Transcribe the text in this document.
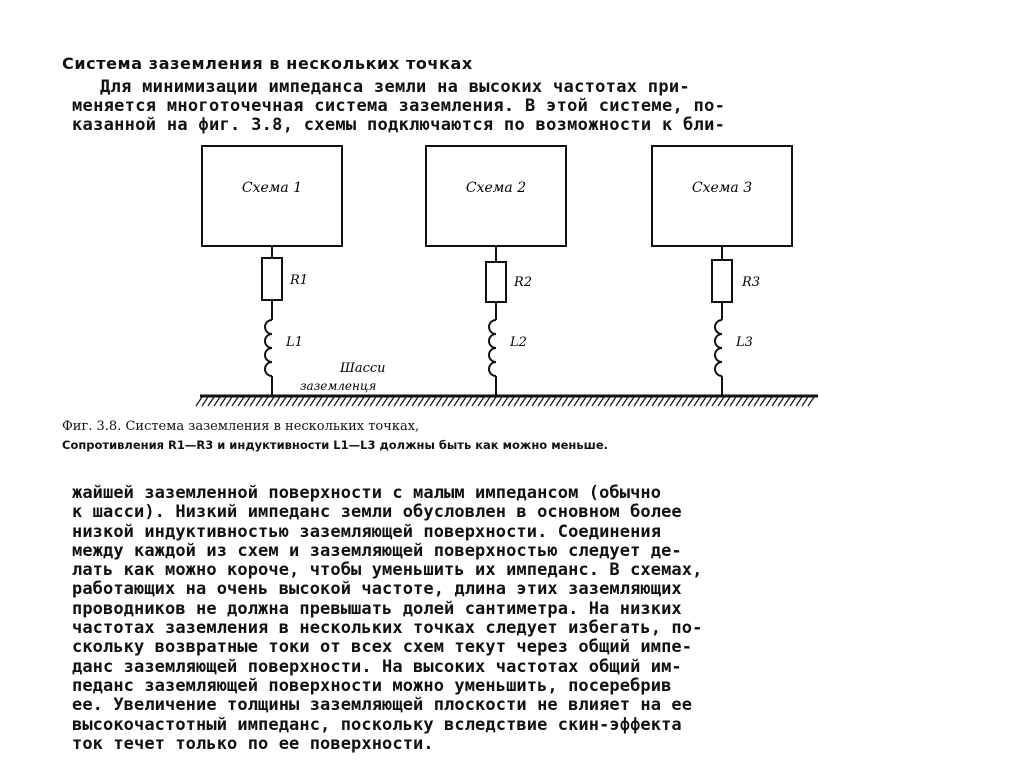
Система заземления в нескольких точках
Для минимизации импеданса земли на высоких частотах при-
меняется многоточечная система заземления. В этой системе, по-
казанной на фиг. 3.8, схемы подключаются по возможности к бли-
Схема 1
R1
L1
Схема 2
R2
L2
Схема 3
R3
L3
Шасси
заземленця
Фиг. 3.8. Система заземления в нескольких точках,
Сопротивления R1—R3 и индуктивности L1—L3 должны быть как можно меньше.
жайшей заземленной поверхности с малым импедансом (обычно
к шасси). Низкий импеданс земли обусловлен в основном более
низкой индуктивностью заземляющей поверхности. Соединения
между каждой из схем и заземляющей поверхностью следует де-
лать как можно короче, чтобы уменьшить их импеданс. В схемах,
работающих на очень высокой частоте, длина этих заземляющих
проводников не должна превышать долей сантиметра. На низких
частотах заземления в нескольких точках следует избегать, по-
скольку возвратные токи от всех схем текут через общий импе-
данс заземляющей поверхности. На высоких частотах общий им-
педанс заземляющей поверхности можно уменьшить, посеребрив
ее. Увеличение толщины заземляющей плоскости не влияет на ее
высокочастотный импеданс, поскольку вследствие скин-эффекта
ток течет только по ее поверхности.
